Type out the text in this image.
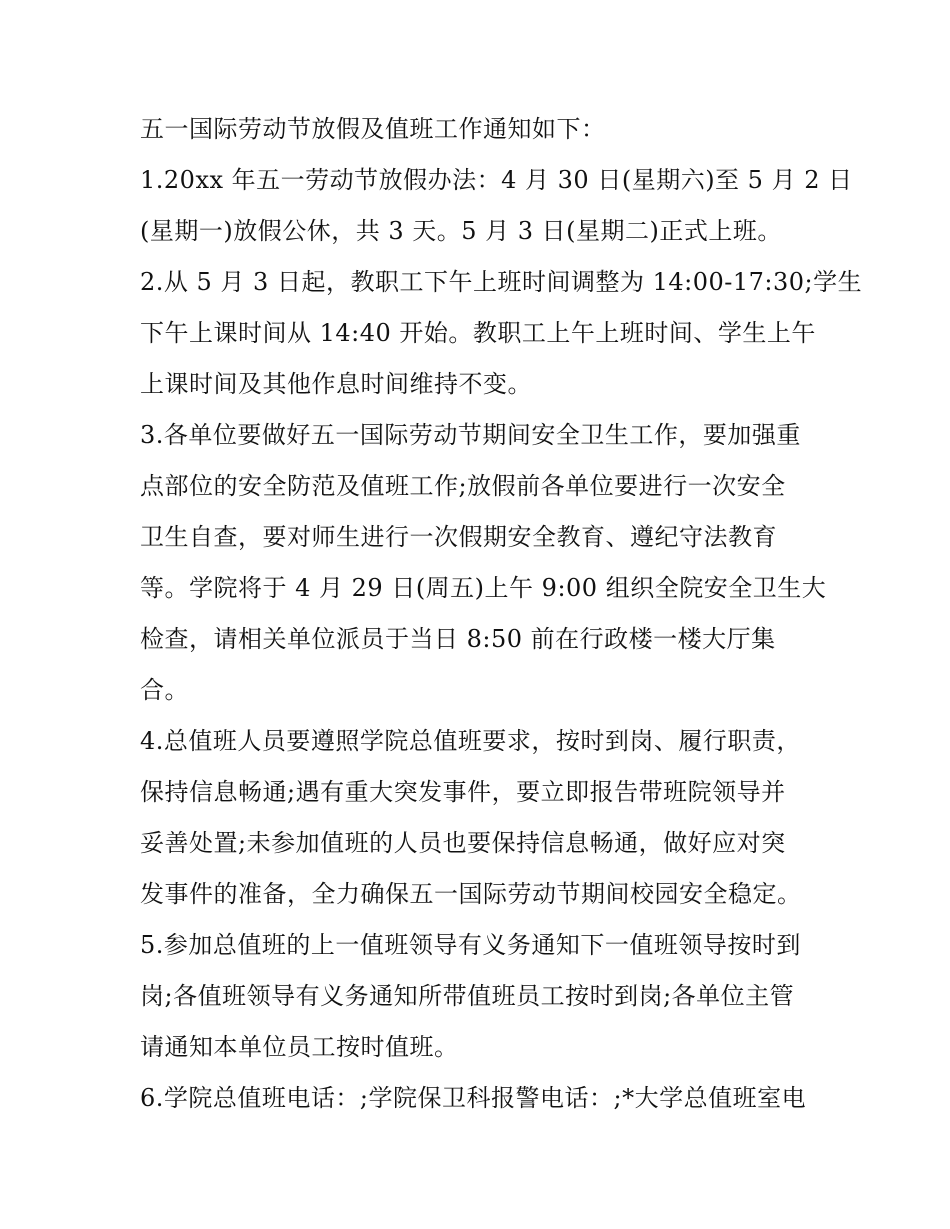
五一国际劳动节放假及值班工作通知如下：
1.20xx 年五一劳动节放假办法：4 月 30 日(星期六)至 5 月 2 日
(星期一)放假公休，共 3 天。5 月 3 日(星期二)正式上班。
2.从 5 月 3 日起，教职工下午上班时间调整为 14:00-17:30;学生
下午上课时间从 14:40 开始。教职工上午上班时间、学生上午
上课时间及其他作息时间维持不变。
3.各单位要做好五一国际劳动节期间安全卫生工作，要加强重
点部位的安全防范及值班工作;放假前各单位要进行一次安全
卫生自查，要对师生进行一次假期安全教育、遵纪守法教育
等。学院将于 4 月 29 日(周五)上午 9:00 组织全院安全卫生大
检查，请相关单位派员于当日 8:50 前在行政楼一楼大厅集
合。
4.总值班人员要遵照学院总值班要求，按时到岗、履行职责，
保持信息畅通;遇有重大突发事件，要立即报告带班院领导并
妥善处置;未参加值班的人员也要保持信息畅通，做好应对突
发事件的准备，全力确保五一国际劳动节期间校园安全稳定。
5.参加总值班的上一值班领导有义务通知下一值班领导按时到
岗;各值班领导有义务通知所带值班员工按时到岗;各单位主管
请通知本单位员工按时值班。
6.学院总值班电话：;学院保卫科报警电话：;*大学总值班室电
